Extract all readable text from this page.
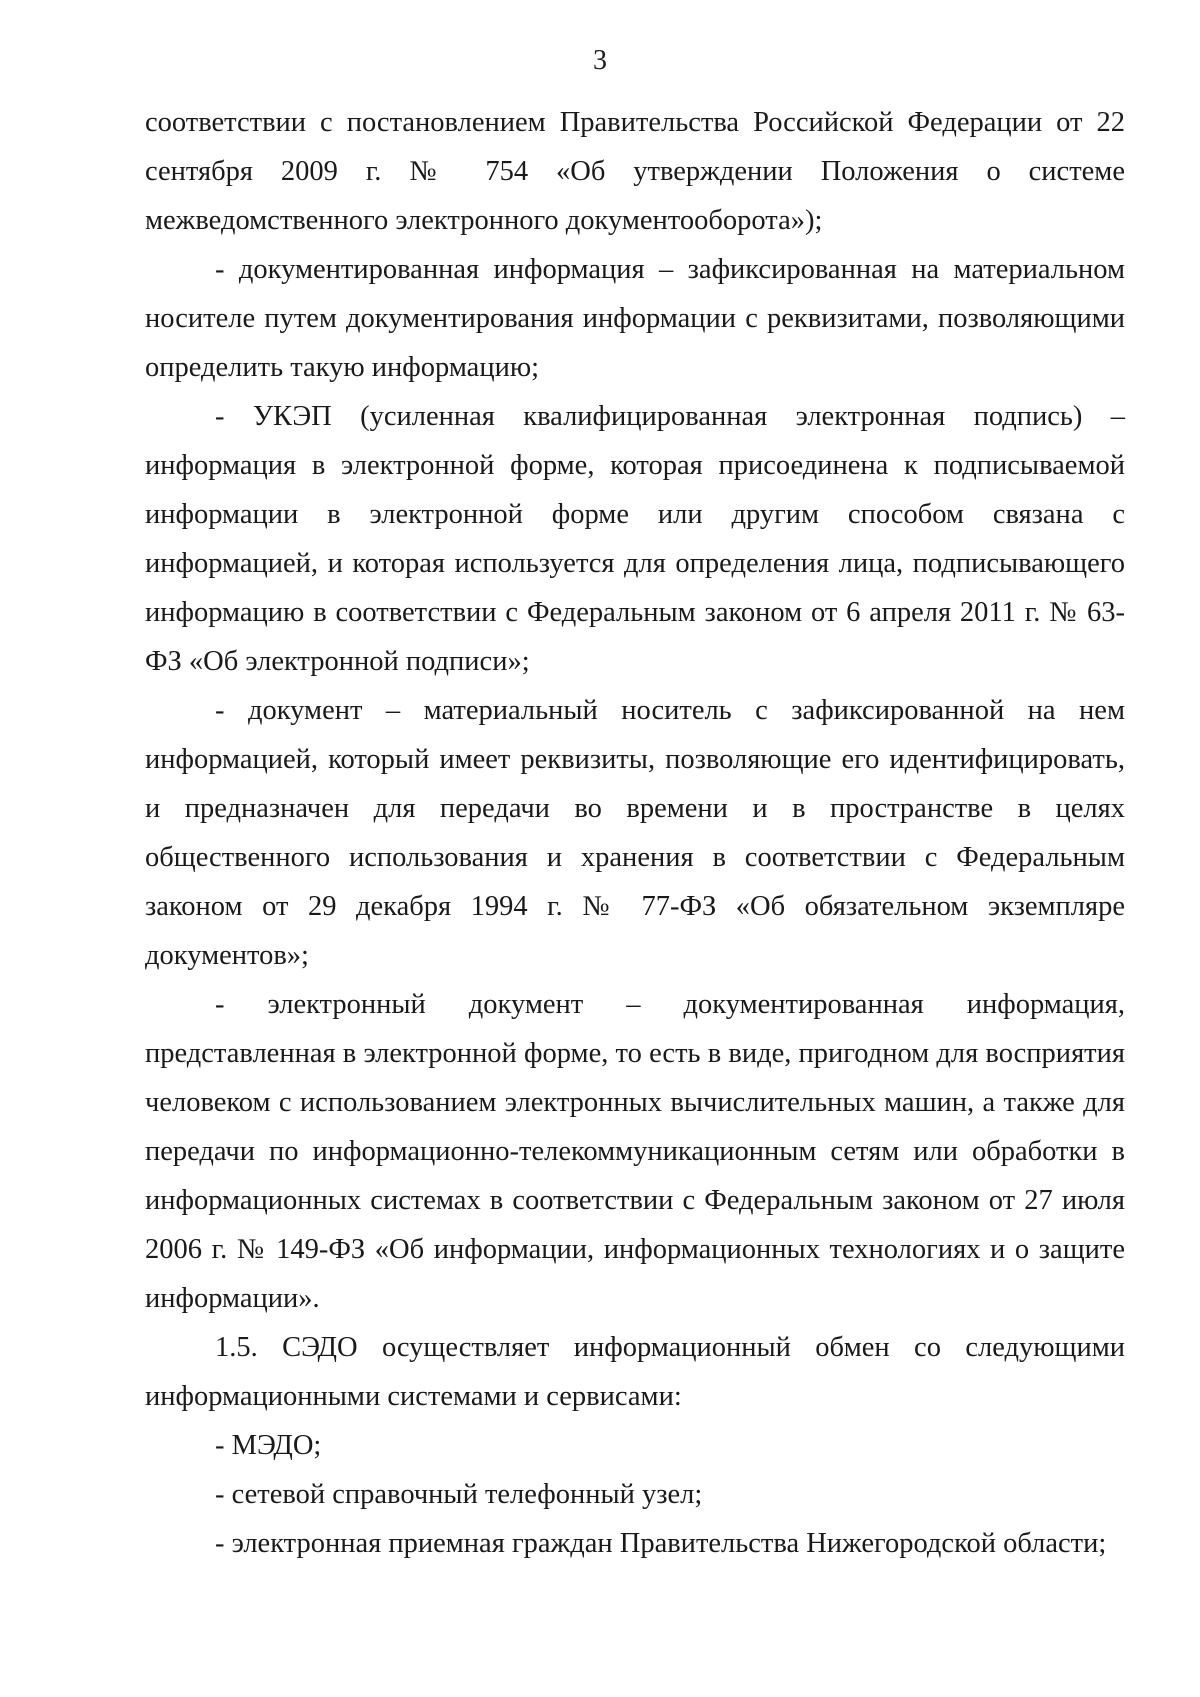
3

соответствии с постановлением Правительства Российской Федерации от 22 сентября 2009 г. № 754 «Об утверждении Положения о системе межведомственного электронного документооборота»);

- документированная информация – зафиксированная на материальном носителе путем документирования информации с реквизитами, позволяющими определить такую информацию;

- УКЭП (усиленная квалифицированная электронная подпись) – информация в электронной форме, которая присоединена к подписываемой информации в электронной форме или другим способом связана с информацией, и которая используется для определения лица, подписывающего информацию в соответствии с Федеральным законом от 6 апреля 2011 г. № 63-ФЗ «Об электронной подписи»;

- документ – материальный носитель с зафиксированной на нем информацией, который имеет реквизиты, позволяющие его идентифицировать, и предназначен для передачи во времени и в пространстве в целях общественного использования и хранения в соответствии с Федеральным законом от 29 декабря 1994 г. № 77-ФЗ «Об обязательном экземпляре документов»;

- электронный документ – документированная информация, представленная в электронной форме, то есть в виде, пригодном для восприятия человеком с использованием электронных вычислительных машин, а также для передачи по информационно-телекоммуникационным сетям или обработки в информационных системах в соответствии с Федеральным законом от 27 июля 2006 г. № 149-ФЗ «Об информации, информационных технологиях и о защите информации».

1.5. СЭДО осуществляет информационный обмен со следующими информационными системами и сервисами:

- МЭДО;

- сетевой справочный телефонный узел;

- электронная приемная граждан Правительства Нижегородской области;
